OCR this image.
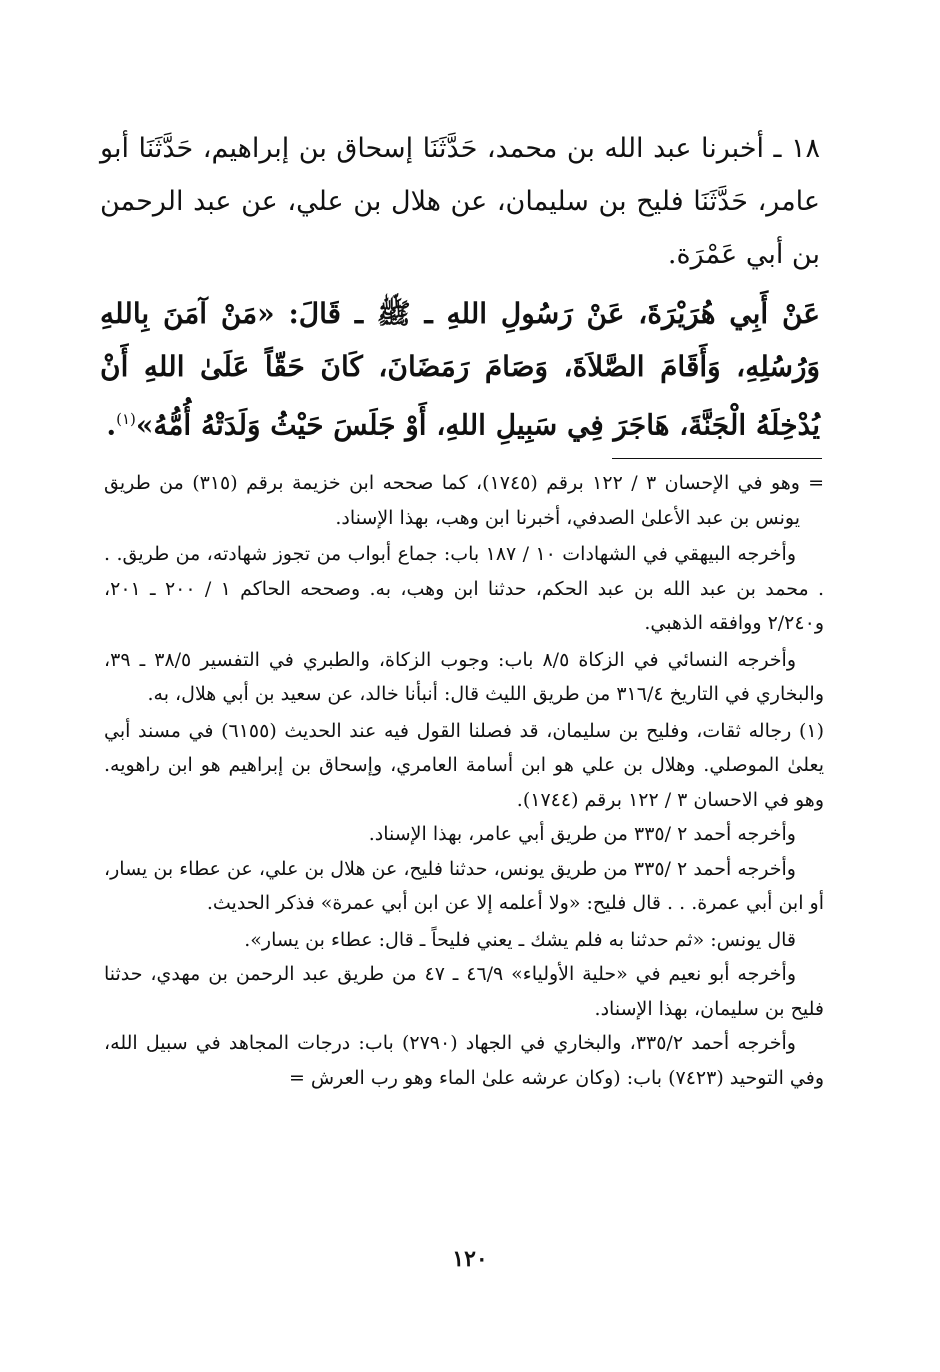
١٨ ـ أخبرنا عبد الله بن محمد، حَدَّثَنَا إسحاق بن إبراهيم، حَدَّثَنَا أبو عامر، حَدَّثَنَا فليح بن سليمان، عن هلال بن علي، عن عبد الرحمن بن أبي عَمْرَة.

عَنْ أَبِي هُرَيْرَةَ، عَنْ رَسُولِ اللهِ ـ ﷺ ـ قَالَ: «مَنْ آمَنَ بِاللهِ وَرُسُلِهِ، وَأَقَامَ الصَّلاَةَ، وَصَامَ رَمَضَانَ، كَانَ حَقّاً عَلَىٰ اللهِ أَنْ يُدْخِلَهُ الْجَنَّةَ، هَاجَرَ فِي سَبِيلِ اللهِ، أَوْ جَلَسَ حَيْثُ وَلَدَتْهُ أُمُّهُ»$^{(١)}$.

=
وهو في الإحسان ٣ / ١٢٢ برقم (١٧٤٥)، كما صححه ابن خزيمة برقم (٣١٥) من طريق يونس بن عبد الأعلىٰ الصدفي، أخبرنا ابن وهب، بهذا الإسناد.

وأخرجه البيهقي في الشهادات ١٠ / ١٨٧ باب: جماع أبواب من تجوز شهادته، من طريق. . . محمد بن عبد الله بن عبد الحكم، حدثنا ابن وهب، به. وصححه الحاكم ١ / ٢٠٠ ـ ٢٠١، و٢/٢٤٠ ووافقه الذهبي.

وأخرجه النسائي في الزكاة ٨/٥ باب: وجوب الزكاة، والطبري في التفسير ٣٨/٥ ـ ٣٩، والبخاري في التاريخ ٣١٦/٤ من طريق الليث قال: أنبأنا خالد، عن سعيد بن أبي هلال، به.

(١) رجاله ثقات، وفليح بن سليمان، قد فصلنا القول فيه عند الحديث (٦١٥٥) في مسند أبي يعلىٰ الموصلي. وهلال بن علي هو ابن أسامة العامري، وإسحاق بن إبراهيم هو ابن راهويه. وهو في الاحسان ٣ / ١٢٢ برقم (١٧٤٤).

وأخرجه أحمد ٢ /٣٣٥ من طريق أبي عامر، بهذا الإسناد.

وأخرجه أحمد ٢ /٣٣٥ من طريق يونس، حدثنا فليح، عن هلال بن علي، عن عطاء بن يسار، أو ابن أبي عمرة. . . قال فليح: «ولا أعلمه إلا عن ابن أبي عمرة» فذكر الحديث.

قال يونس: «ثم حدثنا به فلم يشك ـ يعني فليحاً ـ قال: عطاء بن يسار».

وأخرجه أبو نعيم في «حلية الأولياء» ٤٦/٩ ـ ٤٧ من طريق عبد الرحمن بن مهدي، حدثنا فليح بن سليمان، بهذا الإسناد.

وأخرجه أحمد ٣٣٥/٢، والبخاري في الجهاد (٢٧٩٠) باب: درجات المجاهد في سبيل الله، وفي التوحيد (٧٤٢٣) باب: (وكان عرشه علىٰ الماء وهو رب العرش =

١٢٠
